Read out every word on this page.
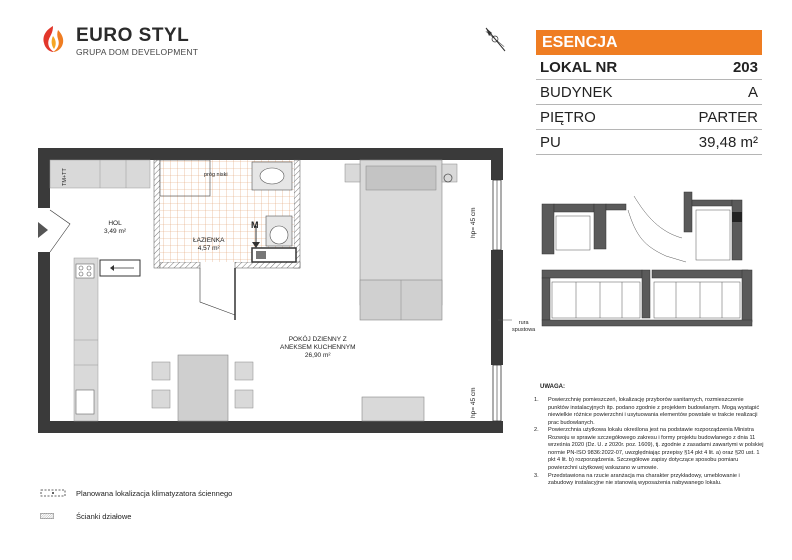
EURO STYL
GRUPA DOM DEVELOPMENT
ESENCJA
LOKAL NR	203
BUDYNEK	A
PIĘTRO	PARTER
PU	39,48 m²
HOL
3,49 m²
ŁAZIENKA
4,57 m²
POKÓJ DZIENNY Z
ANEKSEM KUCHENNYM
26,90 m²
próg niski
TM+TT
hp= 45 cm
hp= 45 cm
rura
spustowa
M
UWAGA:
1.	Powierzchnię pomieszczeń, lokalizację przyborów sanitarnych, rozmieszczenie punktów instalacyjnych itp. podano zgodnie z projektem budowlanym. Mogą wystąpić niewielkie różnice powierzchni i usytuowania elementów powstałe w trakcie realizacji prac budowlanych.
2.	Powierzchnia użytkowa lokalu określona jest na podstawie rozporządzenia Ministra Rozwoju w sprawie szczegółowego zakresu i formy projektu budowlanego z dnia 11 września 2020 (Dz. U. z 2020r. poz. 1609), tj. zgodnie z zasadami zawartymi w polskiej normie PN-ISO 9836:2022-07, uwzględniając przepisy §14 pkt 4 lit. a) oraz §20 ust. 1 pkt 4 lit. b) rozporządzenia. Szczegółowe zapisy dotyczące sposobu pomiaru powierzchni użytkowej wskazano w umowie.
3.	Przedstawiona na rzucie aranżacja ma charakter przykładowy, umeblowanie i zabudowy instalacyjne nie stanowią wyposażenia nabywanego lokalu.
Planowana lokalizacja klimatyzatora ściennego
Ścianki działowe
